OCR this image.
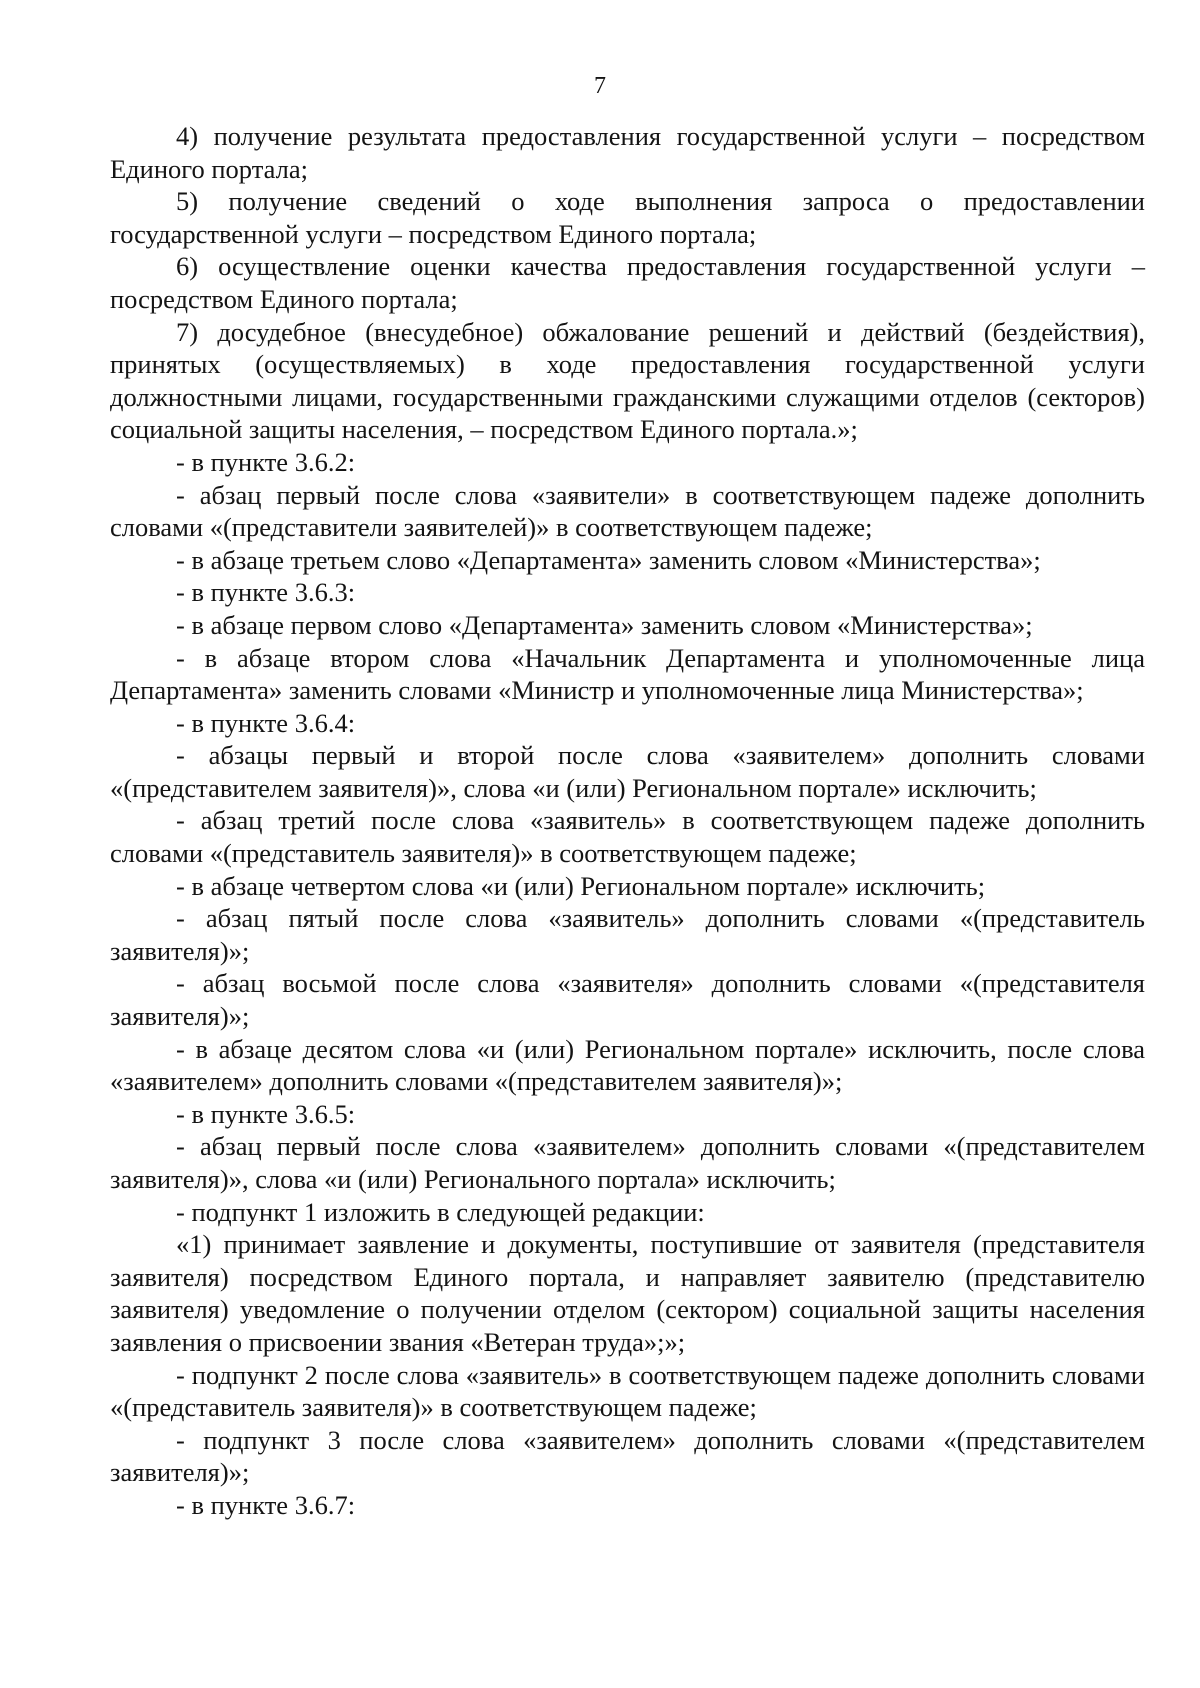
7

4) получение результата предоставления государственной услуги – посредством Единого портала;

5) получение сведений о ходе выполнения запроса о предоставлении государственной услуги – посредством Единого портала;

6) осуществление оценки качества предоставления государственной услуги – посредством Единого портала;

7) досудебное (внесудебное) обжалование решений и действий (бездействия), принятых (осуществляемых) в ходе предоставления государственной услуги должностными лицами, государственными гражданскими служащими отделов (секторов) социальной защиты населения, – посредством Единого портала.»;

- в пункте 3.6.2:

- абзац первый после слова «заявители» в соответствующем падеже дополнить словами «(представители заявителей)» в соответствующем падеже;

- в абзаце третьем слово «Департамента» заменить словом «Министерства»;

- в пункте 3.6.3:

- в абзаце первом слово «Департамента» заменить словом «Министерства»;

- в абзаце втором слова «Начальник Департамента и уполномоченные лица Департамента» заменить словами «Министр и уполномоченные лица Министерства»;

- в пункте 3.6.4:

- абзацы первый и второй после слова «заявителем» дополнить словами «(представителем заявителя)», слова «и (или) Региональном портале» исключить;

- абзац третий после слова «заявитель» в соответствующем падеже дополнить словами «(представитель заявителя)» в соответствующем падеже;

- в абзаце четвертом слова «и (или) Региональном портале» исключить;

- абзац пятый после слова «заявитель» дополнить словами «(представитель заявителя)»;

- абзац восьмой после слова «заявителя» дополнить словами «(представителя заявителя)»;

- в абзаце десятом слова «и (или) Региональном портале» исключить, после слова «заявителем» дополнить словами «(представителем заявителя)»;

- в пункте 3.6.5:

- абзац первый после слова «заявителем» дополнить словами «(представителем заявителя)», слова «и (или) Регионального портала» исключить;

- подпункт 1 изложить в следующей редакции:

«1) принимает заявление и документы, поступившие от заявителя (представителя заявителя) посредством Единого портала, и направляет заявителю (представителю заявителя) уведомление о получении отделом (сектором) социальной защиты населения заявления о присвоении звания «Ветеран труда»;»;

- подпункт 2 после слова «заявитель» в соответствующем падеже дополнить словами «(представитель заявителя)» в соответствующем падеже;

- подпункт 3 после слова «заявителем» дополнить словами «(представителем заявителя)»;

- в пункте 3.6.7:
